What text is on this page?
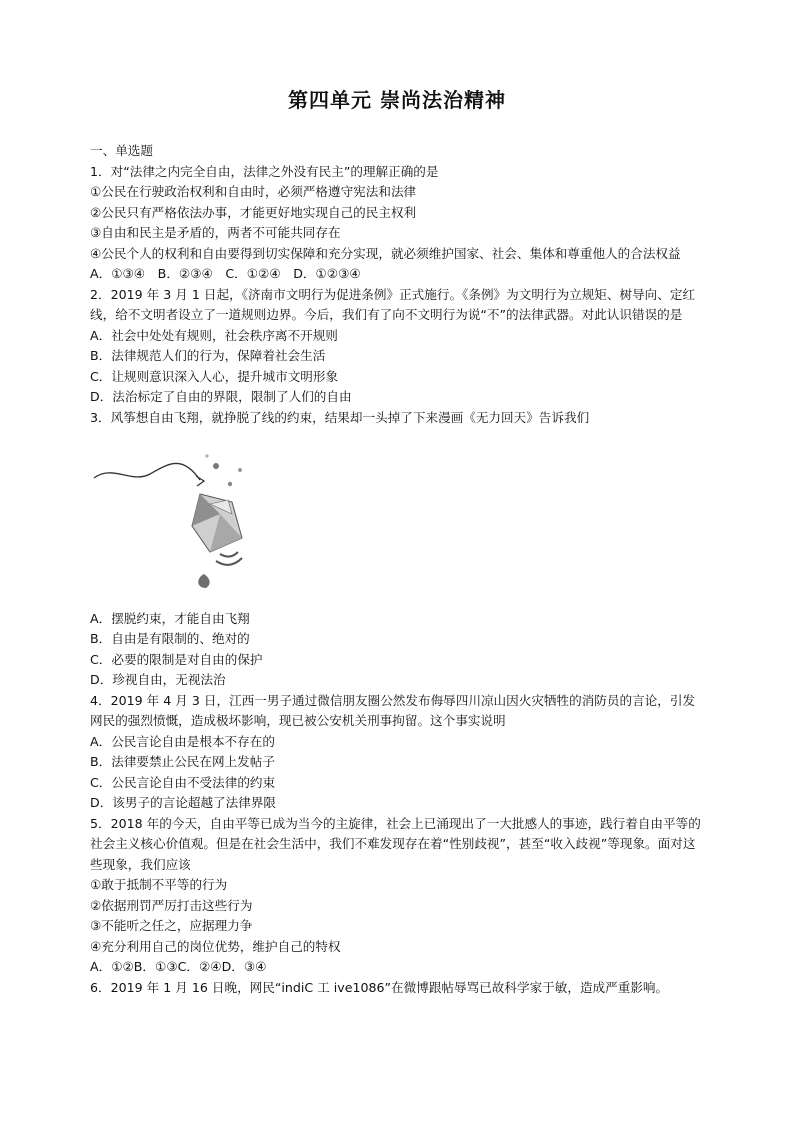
第四单元 崇尚法治精神
一、单选题
1．对“法律之内完全自由，法律之外没有民主”的理解正确的是
①公民在行驶政治权利和自由时，必须严格遵守宪法和法律
②公民只有严格依法办事，才能更好地实现自己的民主权利
③自由和民主是矛盾的，两者不可能共同存在
④公民个人的权利和自由要得到切实保障和充分实现，就必须维护国家、社会、集体和尊重他人的合法权益
A．①③④　B．②③④　C．①②④　D．①②③④
2．2019 年 3 月 1 日起，《济南市文明行为促进条例》正式施行。《条例》为文明行为立规矩、树导向、定红线，给不文明者设立了一道规则边界。今后，我们有了向不文明行为说“不”的法律武器。对此认识错误的是
A．社会中处处有规则，社会秩序离不开规则
B．法律规范人们的行为，保障着社会生活
C．让规则意识深入人心，提升城市文明形象
D．法治标定了自由的界限，限制了人们的自由
3．风筝想自由飞翔，就挣脱了线的约束，结果却一头掉了下来漫画《无力回天》告诉我们
A．摆脱约束，才能自由飞翔
B．自由是有限制的、绝对的
C．必要的限制是对自由的保护
D．珍视自由，无视法治
4．2019 年 4 月 3 日，江西一男子通过微信朋友圈公然发布侮辱四川凉山因火灾牺牲的消防员的言论，引发网民的强烈愤慨，造成极坏影响，现已被公安机关刑事拘留。这个事实说明
A．公民言论自由是根本不存在的
B．法律要禁止公民在网上发帖子
C．公民言论自由不受法律的约束
D．该男子的言论超越了法律界限
5．2018 年的今天，自由平等已成为当今的主旋律，社会上已涌现出了一大批感人的事迹，践行着自由平等的社会主义核心价值观。但是在社会生活中，我们不难发现存在着“性别歧视”，甚至“收入歧视”等现象。面对这些现象，我们应该
①敢于抵制不平等的行为
②依据刑罚严厉打击这些行为
③不能听之任之，应据理力争
④充分利用自己的岗位优势，维护自己的特权
A．①②B．①③C．②④D．③④
6．2019 年 1 月 16 日晚，网民“indiC 工 ive1086”在微博跟帖辱骂已故科学家于敏，造成严重影响。
